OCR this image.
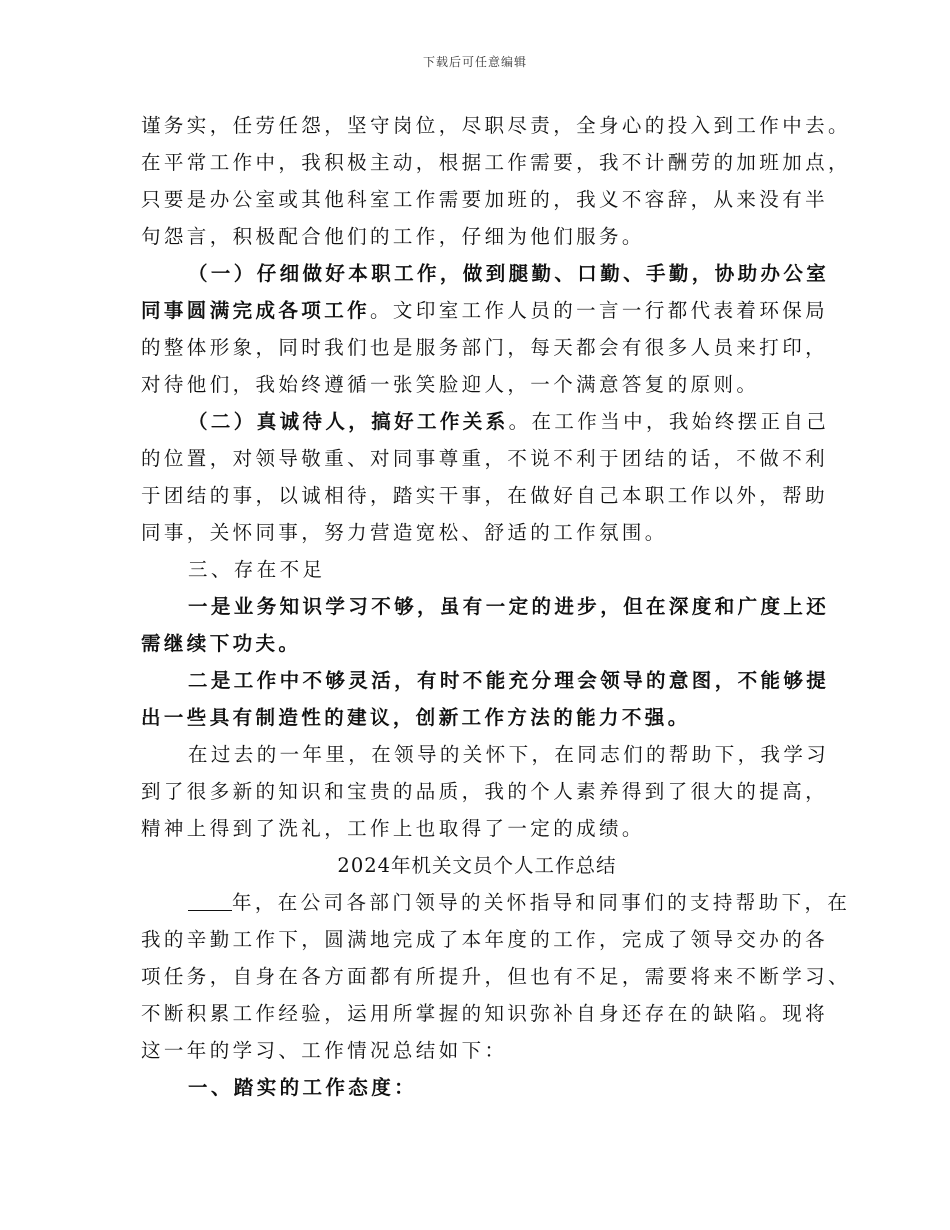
下载后可任意编辑
谨务实，任劳任怨，坚守岗位，尽职尽责，全身心的投入到工作中去。
在平常工作中，我积极主动，根据工作需要，我不计酬劳的加班加点，
只要是办公室或其他科室工作需要加班的，我义不容辞，从来没有半
句怨言，积极配合他们的工作，仔细为他们服务。
（一）仔细做好本职工作，做到腿勤、口勤、手勤，协助办公室
同事圆满完成各项工作。文印室工作人员的一言一行都代表着环保局
的整体形象，同时我们也是服务部门，每天都会有很多人员来打印，
对待他们，我始终遵循一张笑脸迎人，一个满意答复的原则。
（二）真诚待人，搞好工作关系。在工作当中，我始终摆正自己
的位置，对领导敬重、对同事尊重，不说不利于团结的话，不做不利
于团结的事，以诚相待，踏实干事，在做好自己本职工作以外，帮助
同事，关怀同事，努力营造宽松、舒适的工作氛围。
三、存在不足
一是业务知识学习不够，虽有一定的进步，但在深度和广度上还
需继续下功夫。
二是工作中不够灵活，有时不能充分理会领导的意图，不能够提
出一些具有制造性的建议，创新工作方法的能力不强。
在过去的一年里，在领导的关怀下，在同志们的帮助下，我学习
到了很多新的知识和宝贵的品质，我的个人素养得到了很大的提高，
精神上得到了洗礼，工作上也取得了一定的成绩。
2024年机关文员个人工作总结
年，在公司各部门领导的关怀指导和同事们的支持帮助下，在
我的辛勤工作下，圆满地完成了本年度的工作，完成了领导交办的各
项任务，自身在各方面都有所提升，但也有不足，需要将来不断学习、
不断积累工作经验，运用所掌握的知识弥补自身还存在的缺陷。现将
这一年的学习、工作情况总结如下：
一、踏实的工作态度：
